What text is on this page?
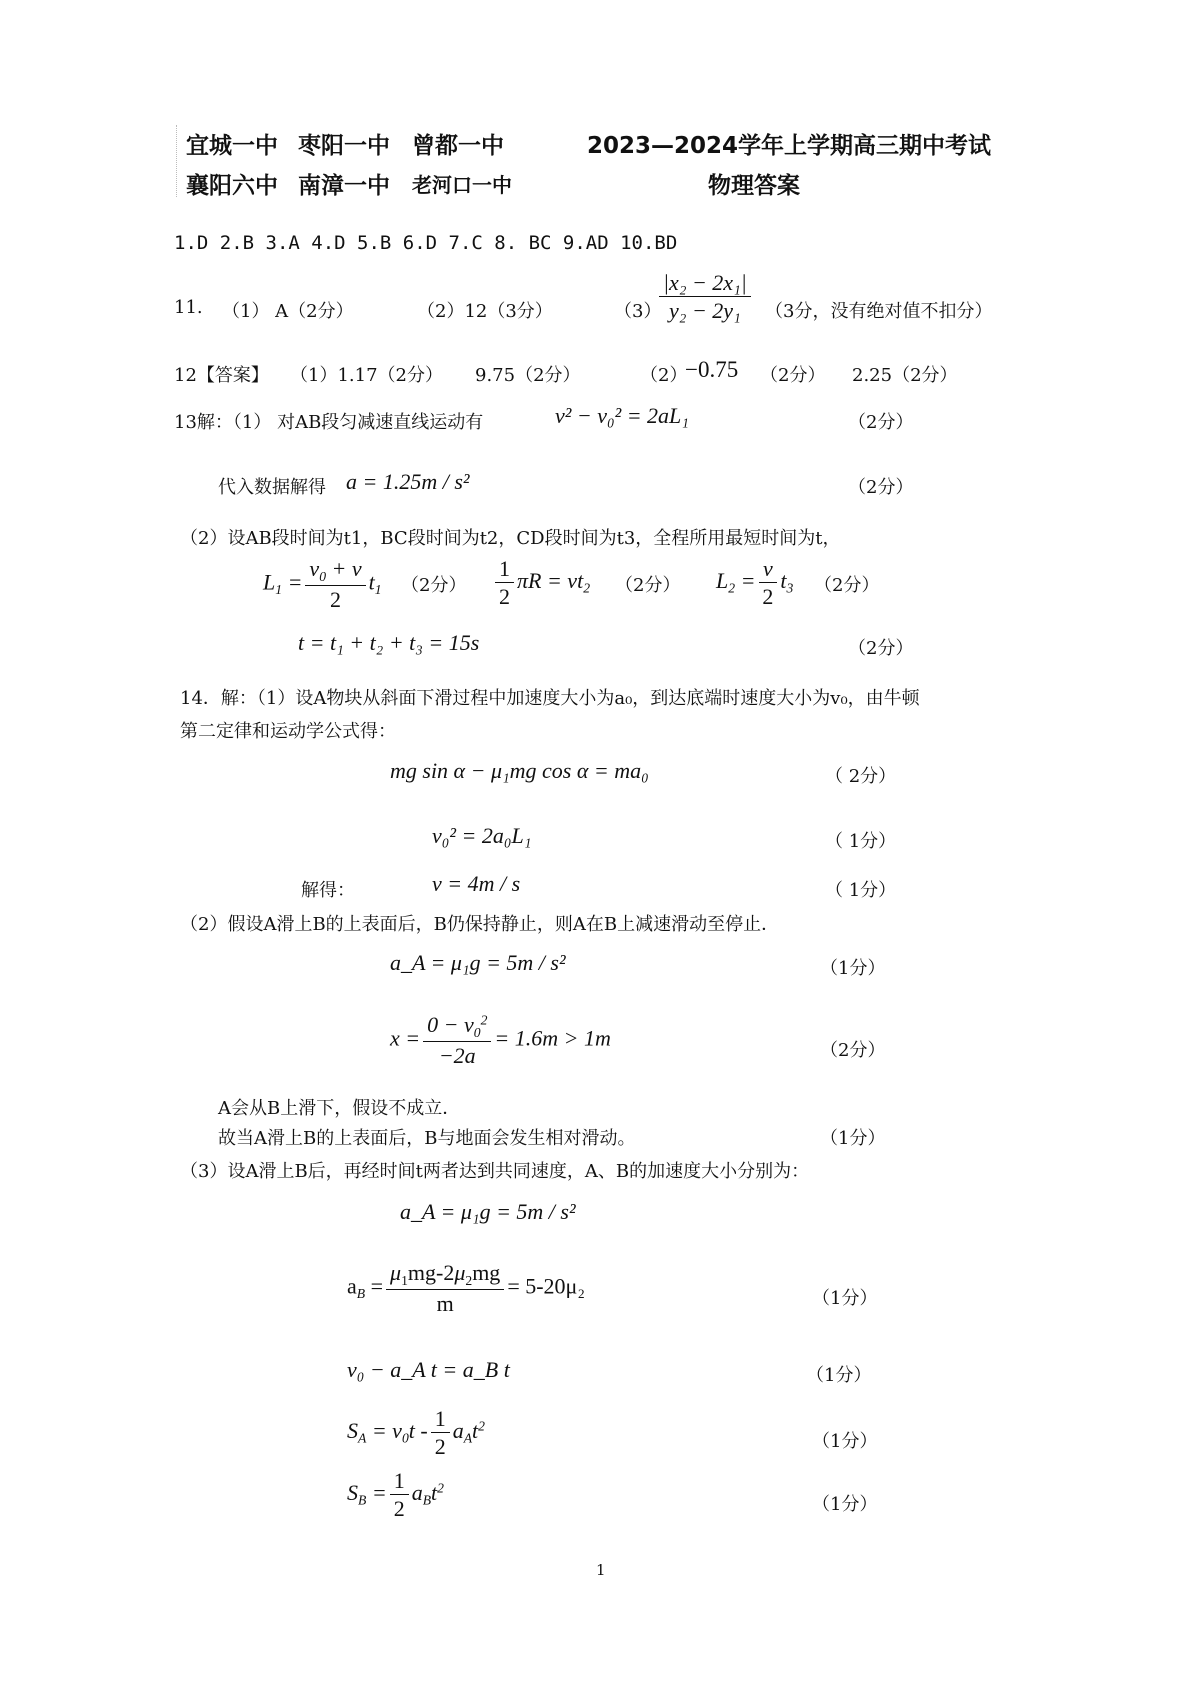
宜城一中 枣阳一中 曾都一中	2023—2024学年上学期高三期中考试
襄阳六中 南漳一中 老河口一中	物理答案
1.D 2.B 3.A 4.D 5.B 6.D 7.C 8. BC 9.AD 10.BD
11. （1） A（2分）	（2）12（3分）	（3）
$\frac{\text{|x₂ − 2x₁|}}{\text{y₂ − 2y₁}} (3$分，没有绝对值不扣分）
12【答案】 （1）1.17（2分） 9.75（2分）	（2）
−0.75 （2分） 2.25（2分）
13解：（1） 对AB段匀减速直线运动有	v² − v₀² = 2aL₁	（2分）
代入数据解得 a = 1.25m / s²	（2分）
（2）设AB段时间为t1，BC段时间为t2，CD段时间为t3，全程所用最短时间为t，
$L_1 = \frac{v_0 + v}{2} t_1$ （2分） $\frac{1}{2}$ $\pi R = vt_2$ （2分） $L_2 = \frac{v}{2} t_3$ （2分）
t = t₁ + t₂ + t₃ = 15s	（2分）
14．解：（1）设A物块从斜面下滑过程中加速度大小为a₀，到达底端时速度大小为v₀，由牛顿
第二定律和运动学公式得：
mg sin α − μ₁mg cos α = ma₀	（ 2分）
v₀² = 2a₀L₁	（ 1分）
解得：	v = 4m / s	（ 1分）
（2）假设A滑上B的上表面后，B仍保持静止，则A在B上减速滑动至停止．
a_A = μ₁g = 5m / s²	（1分）
$x = \frac{0 - v_0^2}{-2a} = 1.6m > 1m$
（2分）
A会从B上滑下，假设不成立．
故当A滑上B的上表面后，B与地面会发生相对滑动。	（1分）
（3）设A滑上B后，再经时间t两者达到共同速度，A、B的加速度大小分别为：
a_A = μ₁g = 5m / s²
$a_B = \frac{\mu_1mg-2\mu_2mg}{m} = 5-20\mu_2$
（1分）
v₀ − a_A t = a_B t	（1分）
$S_A = v_0t - \frac{1}{2} a_At^2$
（1分）
$S_B = \frac{1}{2} a_Bt^2$
（1分）
1
